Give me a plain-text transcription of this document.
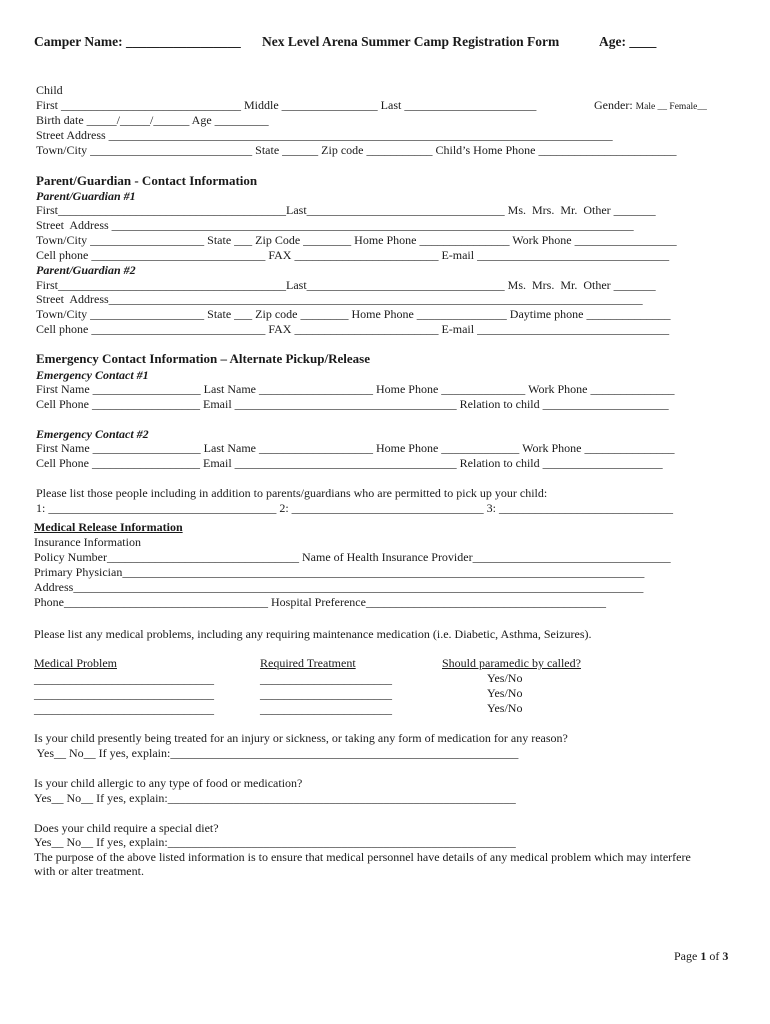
Camper Name: _________________ Nex Level Arena Summer Camp Registration Form	Age: ____
Child
First ______________________________ Middle ________________ Last ______________________	Gender: Male __ Female__
Birth date _____/_____/______ Age _________
Street Address ____________________________________________________________________________________
Town/City ___________________________ State ______ Zip code ___________ Child’s Home Phone _______________________
Parent/Guardian - Contact Information
Parent/Guardian #1
First______________________________________Last_________________________________ Ms.  Mrs.  Mr.  Other _______
Street  Address _______________________________________________________________________________________
Town/City ___________________ State ___ Zip Code ________ Home Phone _______________ Work Phone _________________
Cell phone _____________________________ FAX ________________________ E-mail ________________________________
Parent/Guardian #2
First______________________________________Last_________________________________ Ms.  Mrs.  Mr.  Other _______
Street  Address_________________________________________________________________________________________
Town/City ___________________ State ___ Zip code ________ Home Phone _______________ Daytime phone ______________
Cell phone _____________________________ FAX ________________________ E-mail ________________________________
Emergency Contact Information – Alternate Pickup/Release
Emergency Contact #1
First Name __________________ Last Name ___________________ Home Phone ______________ Work Phone ______________
Cell Phone __________________ Email _____________________________________ Relation to child _____________________
Emergency Contact #2
First Name __________________ Last Name ___________________ Home Phone _____________ Work Phone _______________
Cell Phone __________________ Email _____________________________________ Relation to child ____________________
Please list those people including in addition to parents/guardians who are permitted to pick up your child:
1: ______________________________________ 2: ________________________________ 3: _____________________________
Medical Release Information
Insurance Information
Policy Number________________________________ Name of Health Insurance Provider_________________________________
Primary Physician_______________________________________________________________________________________
Address_______________________________________________________________________________________________
Phone__________________________________ Hospital Preference________________________________________
Please list any medical problems, including any requiring maintenance medication (i.e. Diabetic, Asthma, Seizures).
Medical Problem	Required Treatment	Should paramedic by called?
______________________________	______________________	Yes/No
______________________________	______________________	Yes/No
______________________________	______________________	Yes/No
Is your child presently being treated for an injury or sickness, or taking any form of medication for any reason?
Yes__ No__ If yes, explain:__________________________________________________________
Is your child allergic to any type of food or medication?
Yes__ No__ If yes, explain:__________________________________________________________
Does your child require a special diet?
Yes__ No__ If yes, explain:__________________________________________________________
The purpose of the above listed information is to ensure that medical personnel have details of any medical problem which may interfere
with or alter treatment.
Page 1 of 3
